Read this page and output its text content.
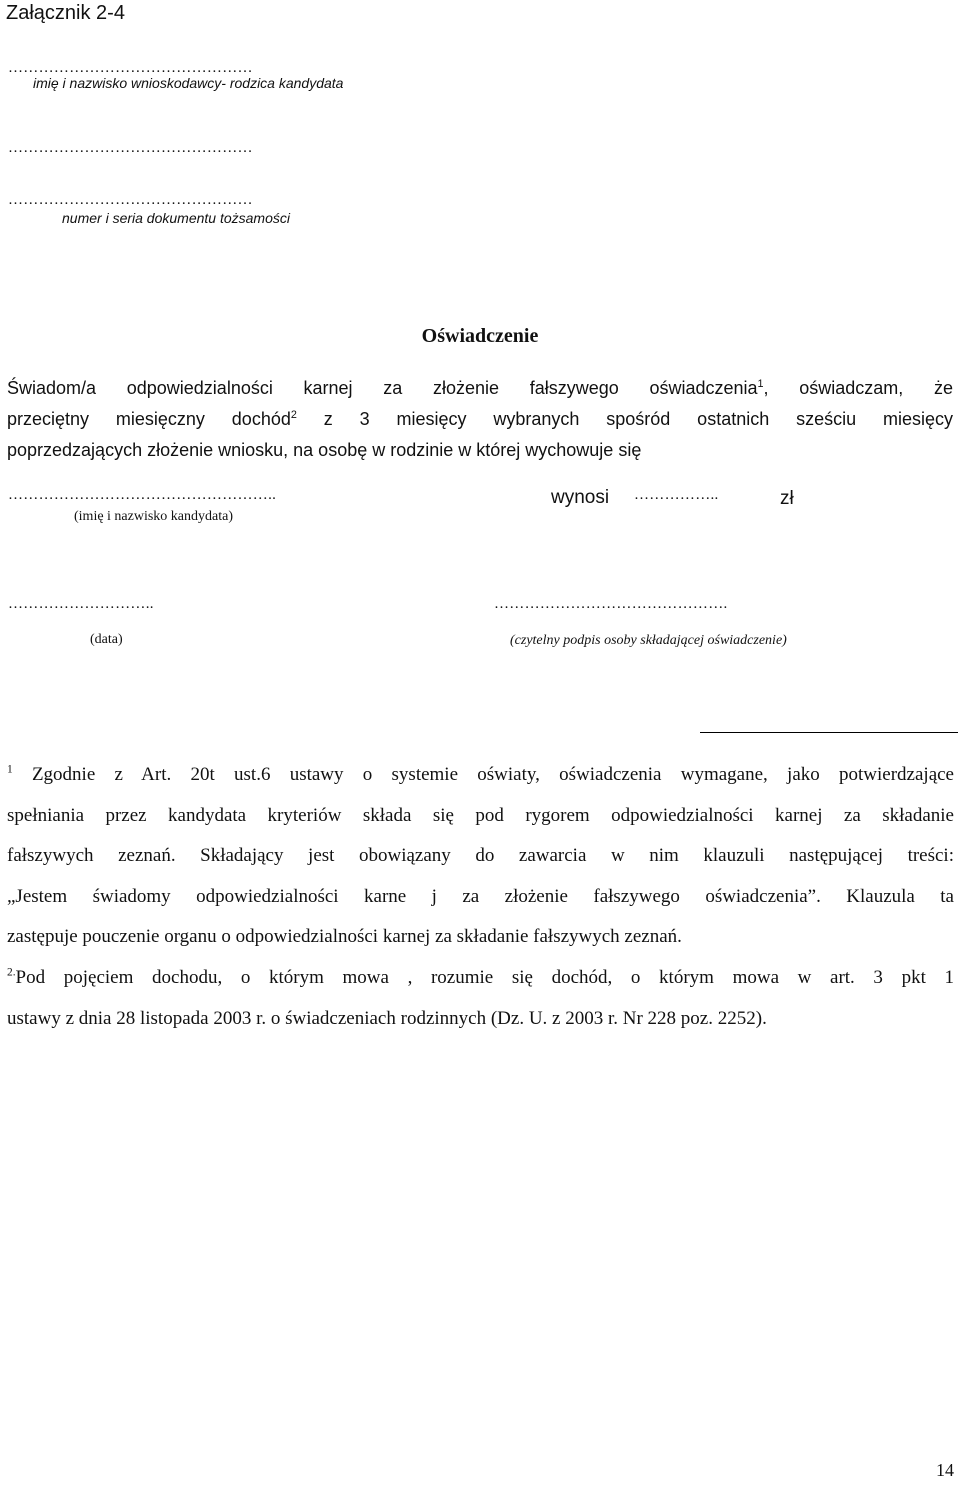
Załącznik 2-4
…………………………………………
imię i nazwisko wnioskodawcy- rodzica kandydata
…………………………………………
…………………………………………
numer i seria dokumentu tożsamości
Oświadczenie
Świadom/a odpowiedzialności karnej za złożenie fałszywego oświadczenia$^1$, oświadczam, że
przeciętny miesięczny dochód$^2$ z 3 miesięcy wybranych spośród ostatnich sześciu miesięcy
poprzedzających złożenie wniosku, na osobę w rodzinie w której wychowuje się
……………………………………………..	wynosi ……………..	zł
(imię i nazwisko kandydata)
………………………..	……………………………………….
(data)	(czytelny podpis osoby składającej oświadczenie)
$^1$ Zgodnie z Art. 20t ust.6 ustawy o systemie oświaty, oświadczenia wymagane, jako potwierdzające
spełniania przez kandydata kryteriów składa się pod rygorem odpowiedzialności karnej za składanie
fałszywych zeznań. Składający jest obowiązany do zawarcia w nim klauzuli następującej treści:
„Jestem świadomy odpowiedzialności karne j za złożenie fałszywego oświadczenia”. Klauzula ta
zastępuje pouczenie organu o odpowiedzialności karnej za składanie fałszywych zeznań.
$^{2.}$Pod pojęciem dochodu, o którym mowa , rozumie się dochód, o którym mowa w art. 3 pkt 1
ustawy z dnia 28 listopada 2003 r. o świadczeniach rodzinnych (Dz. U. z 2003 r. Nr 228 poz. 2252).
14
